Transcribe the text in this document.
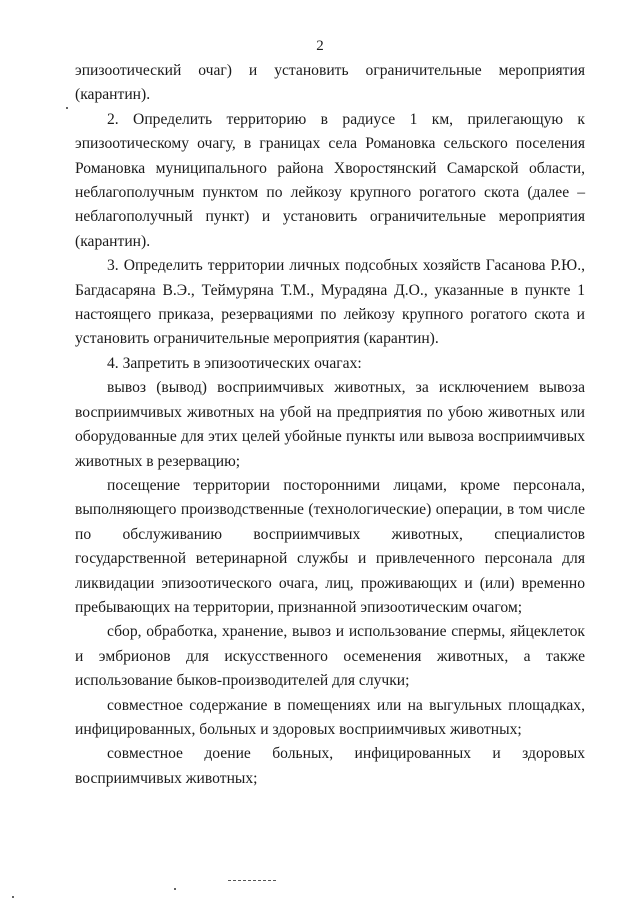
2

эпизоотический очаг) и установить ограничительные мероприятия (карантин).

2. Определить территорию в радиусе 1 км, прилегающую к эпизоотическому очагу, в границах села Романовка сельского поселения Романовка муниципального района Хворостянский Самарской области, неблагополучным пунктом по лейкозу крупного рогатого скота (далее – неблагополучный пункт) и установить ограничительные мероприятия (карантин).

3. Определить территории личных подсобных хозяйств Гасанова Р.Ю., Багдасаряна В.Э., Теймуряна Т.М., Мурадяна Д.О., указанные в пункте 1 настоящего приказа, резервациями по лейкозу крупного рогатого скота и установить ограничительные мероприятия (карантин).

4. Запретить в эпизоотических очагах:

вывоз (вывод) восприимчивых животных, за исключением вывоза восприимчивых животных на убой на предприятия по убою животных или оборудованные для этих целей убойные пункты или вывоза восприимчивых животных в резервацию;

посещение территории посторонними лицами, кроме персонала, выполняющего производственные (технологические) операции, в том числе по обслуживанию восприимчивых животных, специалистов государственной ветеринарной службы и привлеченного персонала для ликвидации эпизоотического очага, лиц, проживающих и (или) временно пребывающих на территории, признанной эпизоотическим очагом;

сбор, обработка, хранение, вывоз и использование спермы, яйцеклеток и эмбрионов для искусственного осеменения животных, а также использование быков-производителей для случки;

совместное содержание в помещениях или на выгульных площадках, инфицированных, больных и здоровых восприимчивых животных;

совместное доение больных, инфицированных и здоровых восприимчивых животных;
